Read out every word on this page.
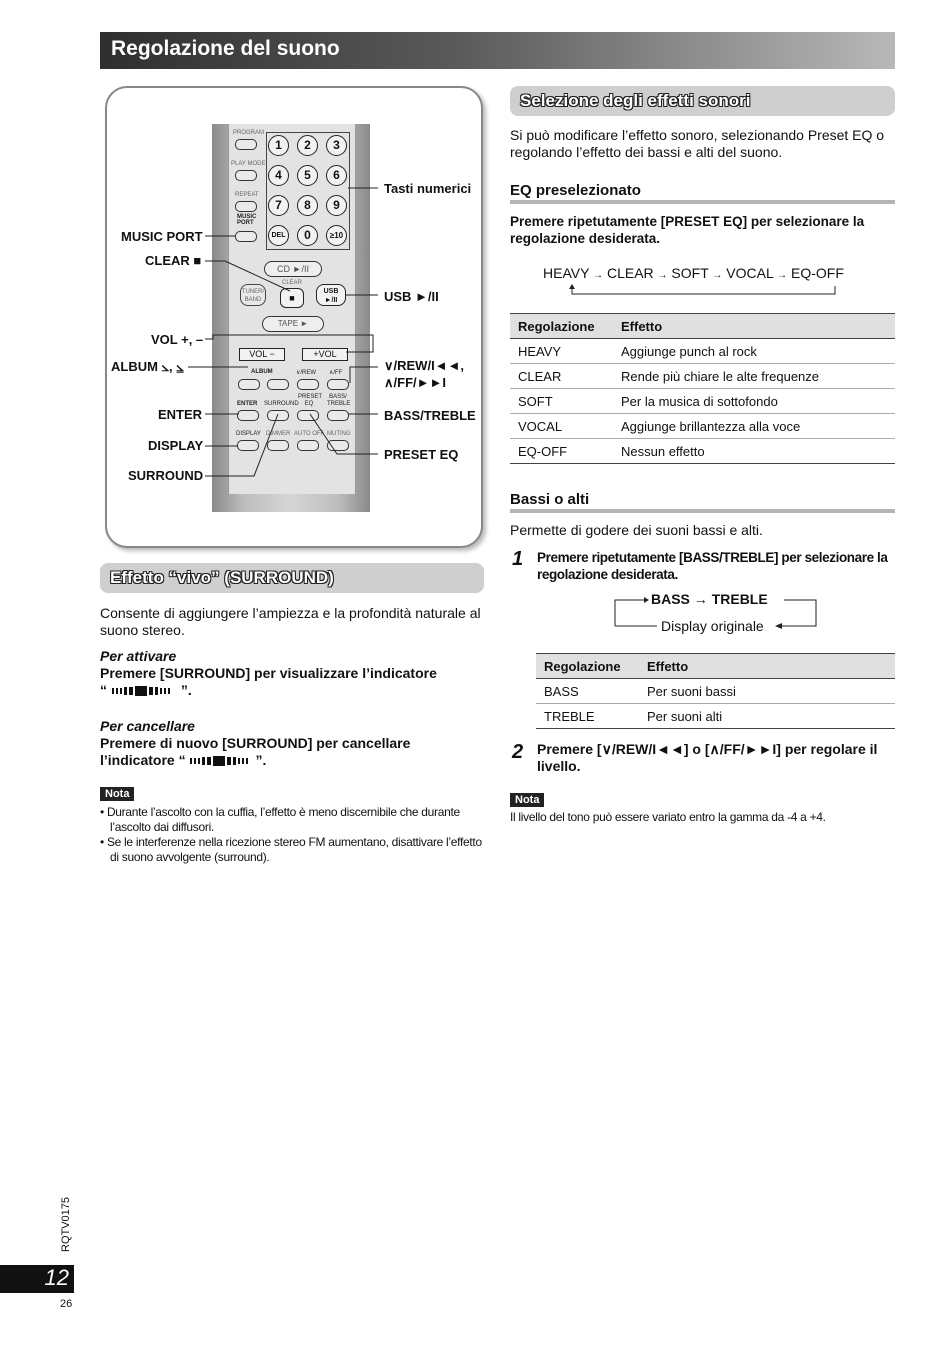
Regolazione del suono
PROGRAM
PLAY MODE
REPEAT
MUSIC PORT
1	2	3
4	5	6
7	8	9
DEL	0	≥10
CD ►/II
CLEAR
■
TUNER/ BAND
USB ►/II
TAPE ►
VOL −	+VOL
ALBUM	∨/REW ∧/FF
ENTER SURROUND
PRESET EQ
BASS/ TREBLE
DISPLAY DIMMER AUTO OFF MUTING
MUSIC PORT
CLEAR ■
VOL +, –
ALBUM ⦣, ⦥
ENTER
DISPLAY
SURROUND
Tasti numerici
USB ►/II
∨/REW/I◄◄,
∧/FF/►►I
BASS/TREBLE
PRESET EQ
Effetto “vivo” (SURROUND)
Consente di aggiungere l’ampiezza e la profondità naturale al suono stereo.
Per attivare
Premere [SURROUND] per visualizzare l’indicatore
“	”.
Per cancellare
Premere di nuovo [SURROUND] per cancellare l’indicatore “	”.
Nota
• Durante l’ascolto con la cuffia, l’effetto è meno discernibile che durante l’ascolto dai diffusori.
• Se le interferenze nella ricezione stereo FM aumentano, disattivare l’effetto di suono avvolgente (surround).
Selezione degli effetti sonori
Si può modificare l’effetto sonoro, selezionando Preset EQ o regolando l’effetto dei bassi e alti del suono.
EQ preselezionato
Premere ripetutamente [PRESET EQ] per selezionare la regolazione desiderata.
HEAVY → CLEAR → SOFT → VOCAL → EQ-OFF
Regolazione	Effetto
HEAVY	Aggiunge punch al rock
CLEAR	Rende più chiare le alte frequenze
SOFT	Per la musica di sottofondo
VOCAL	Aggiunge brillantezza alla voce
EQ-OFF	Nessun effetto
Bassi o alti
Permette di godere dei suoni bassi e alti.
1 Premere ripetutamente [BASS/TREBLE] per selezionare la regolazione desiderata.
BASS → TREBLE
Display originale
Regolazione	Effetto
BASS	Per suoni bassi
TREBLE	Per suoni alti
2 Premere [∨/REW/I◄◄] o [∧/FF/►►I] per regolare il livello.
Nota
Il livello del tono può essere variato entro la gamma da -4 a +4.
RQTV0175
12
26
